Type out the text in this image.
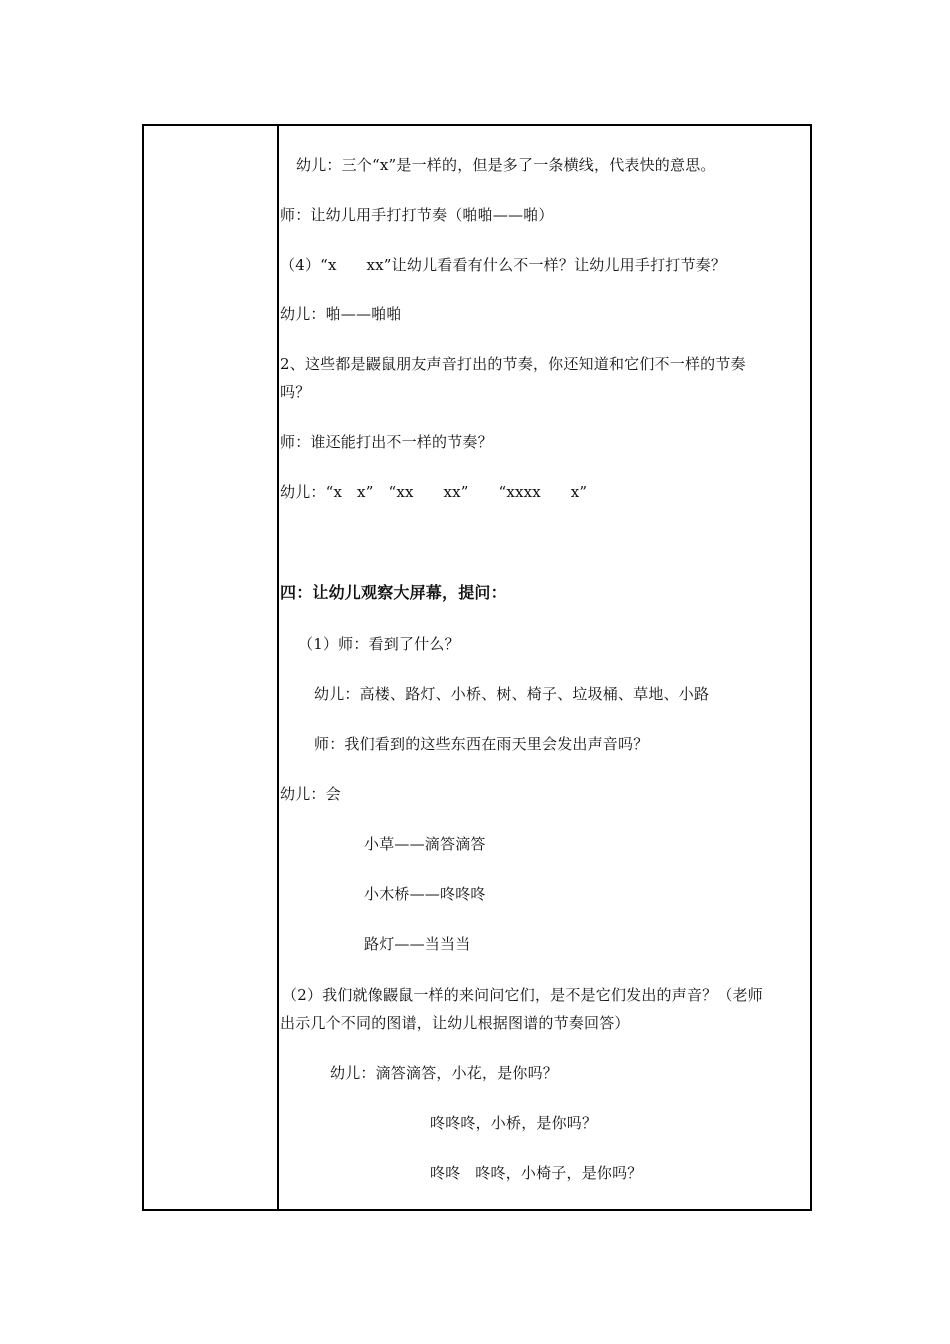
幼儿：三个“x”是一样的，但是多了一条横线，代表快的意思。
师：让幼儿用手打打节奏（啪啪——啪）
（4）“x      xx”让幼儿看看有什么不一样？让幼儿用手打打节奏？
幼儿：啪——啪啪
2、这些都是鼹鼠朋友声音打出的节奏，你还知道和它们不一样的节奏
吗？
师：谁还能打出不一样的节奏？
幼儿：“x   x”   “xx      xx”      “xxxx      x”
四：让幼儿观察大屏幕，提问：
（1）师：看到了什么？
幼儿：高楼、路灯、小桥、树、椅子、垃圾桶、草地、小路
师：我们看到的这些东西在雨天里会发出声音吗？
幼儿：会
小草——滴答滴答
小木桥——咚咚咚
路灯——当当当
（2）我们就像鼹鼠一样的来问问它们，是不是它们发出的声音？（老师
出示几个不同的图谱，让幼儿根据图谱的节奏回答）
幼儿：滴答滴答，小花，是你吗？
咚咚咚，小桥，是你吗？
咚咚   咚咚，小椅子，是你吗？
